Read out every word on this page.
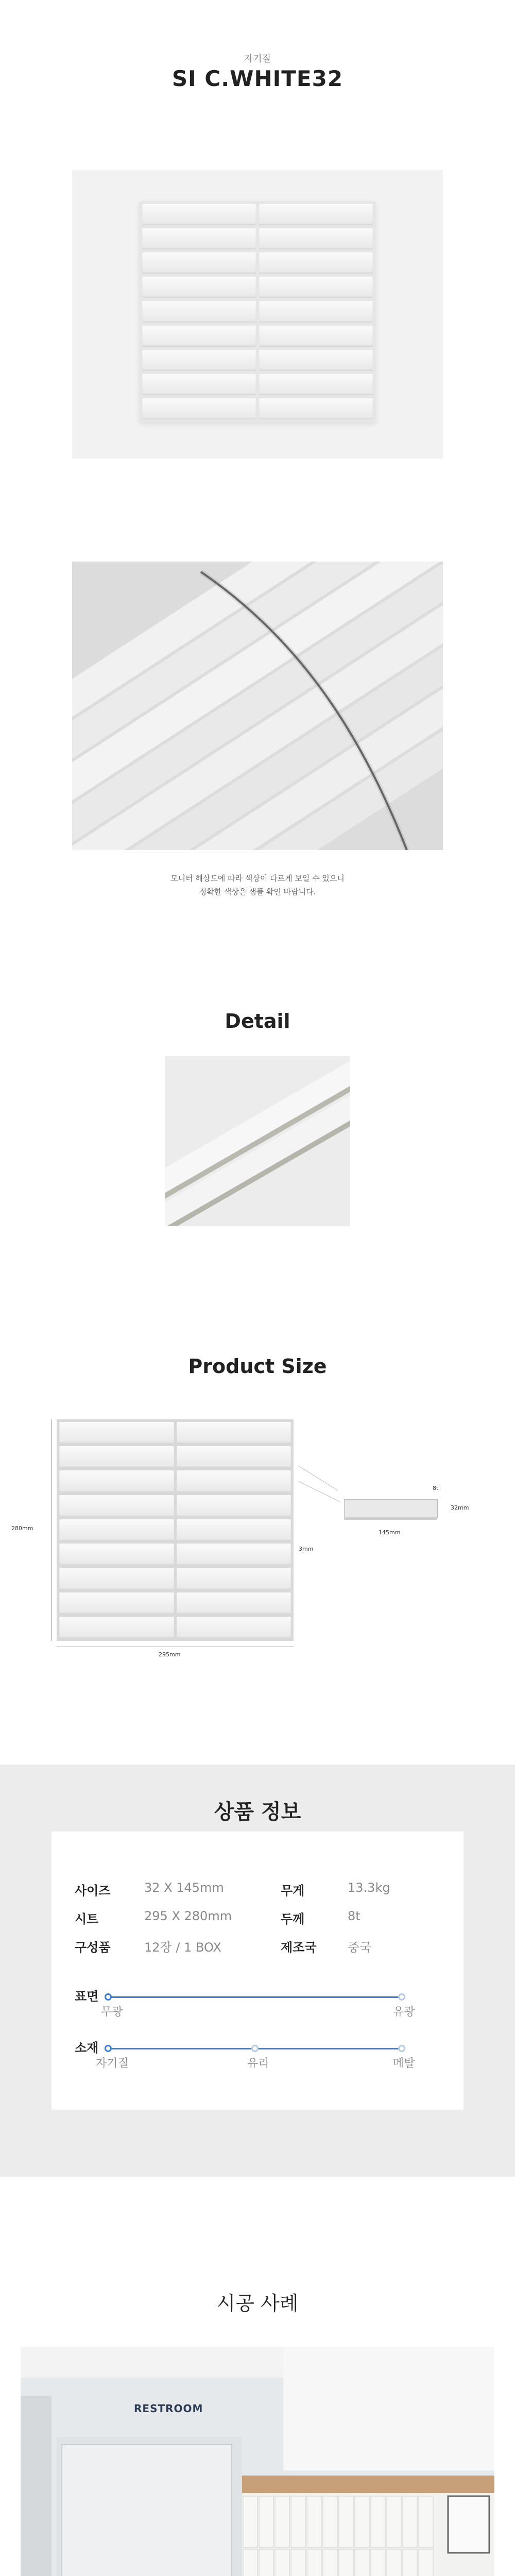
자기질
SI C.WHITE32
모니터 해상도에 따라 색상이 다르게 보일 수 있으니
정확한 색상은 샘플 확인 바랍니다.
Detail
Product Size
280mm
295mm
3mm
8t
32mm
145mm
사이즈	32 X 145mm	무게	13.3kg
시트	295 X 280mm	두께	8t
구성품	12장 / 1 BOX	제조국	중국
표면
무광	유광
소재
자기질	유리	메탈
상품 정보
시공 사례
RESTROOM
